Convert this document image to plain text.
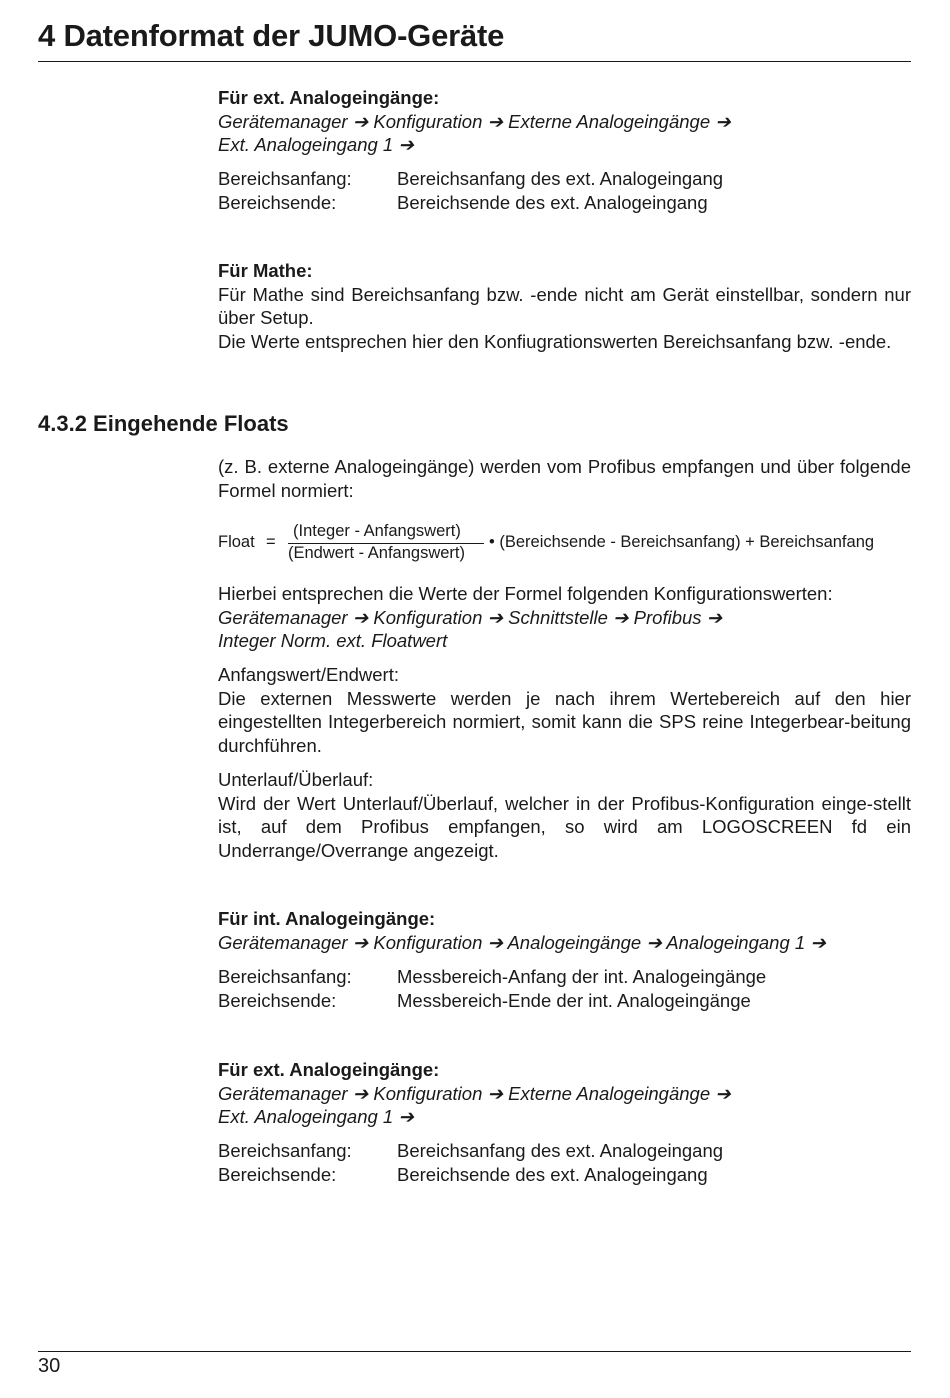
4 Datenformat der JUMO-Geräte
Für ext. Analogeingänge:
Gerätemanager ➔ Konfiguration ➔ Externe Analogeingänge ➔
Ext. Analogeingang 1 ➔
Bereichsanfang: Bereichsanfang des ext. Analogeingang
Bereichsende:	Bereichsende des ext. Analogeingang
Für Mathe:
Für Mathe sind Bereichsanfang bzw. -ende nicht am Gerät einstellbar, sondern nur über Setup.
Die Werte entsprechen hier den Konfiugrationswerten Bereichsanfang bzw. -ende.
4.3.2 Eingehende Floats
(z. B. externe Analogeingänge) werden vom Profibus empfangen und über folgende Formel normiert:
Float =
(Integer - Anfangswert)
(Endwert - Anfangswert)
• (Bereichsende - Bereichsanfang) + Bereichsanfang
Hierbei entsprechen die Werte der Formel folgenden Konfigurationswerten:
Gerätemanager ➔ Konfiguration ➔ Schnittstelle ➔ Profibus ➔
Integer Norm. ext. Floatwert
Anfangswert/Endwert:
Die externen Messwerte werden je nach ihrem Wertebereich auf den hier eingestellten Integerbereich normiert, somit kann die SPS reine Integerbear-beitung durchführen.
Unterlauf/Überlauf:
Wird der Wert Unterlauf/Überlauf, welcher in der Profibus-Konfiguration einge-stellt ist, auf dem Profibus empfangen, so wird am LOGOSCREEN fd ein Underrange/Overrange angezeigt.
Für int. Analogeingänge:
Gerätemanager ➔ Konfiguration ➔ Analogeingänge ➔ Analogeingang 1 ➔
Bereichsanfang: Messbereich-Anfang der int. Analogeingänge
Bereichsende:	Messbereich-Ende der int. Analogeingänge
Für ext. Analogeingänge:
Gerätemanager ➔ Konfiguration ➔ Externe Analogeingänge ➔
Ext. Analogeingang 1 ➔
Bereichsanfang: Bereichsanfang des ext. Analogeingang
Bereichsende:	Bereichsende des ext. Analogeingang
30
